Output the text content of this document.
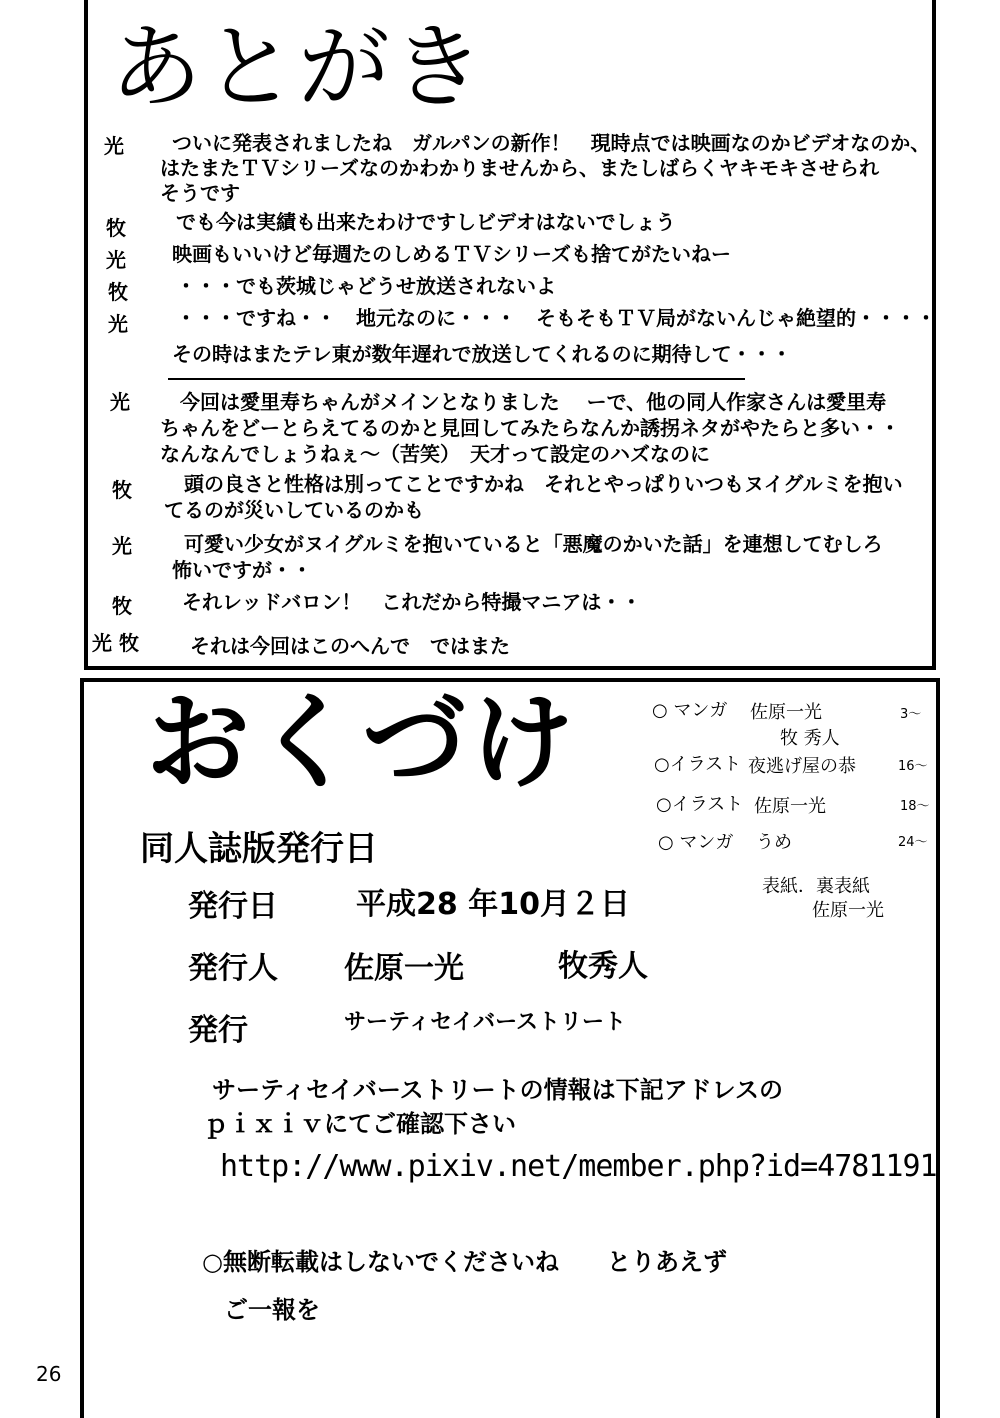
あとがき
光 ついに発表されましたね　ガルパンの新作！　現時点では映画なのかビデオなのか、
はたまたＴＶシリーズなのかわかりませんから、またしばらくヤキモキさせられ
そうです
牧	でも今は実績も出来たわけですしビデオはないでしょう
光 映画もいいけど毎週たのしめるＴＶシリーズも捨てがたいねー
牧 ・・・でも茨城じゃどうせ放送されないよ
光 ・・・ですね・・　地元なのに・・・　そもそもＴＶ局がないんじゃ絶望的・・・・
その時はまたテレ東が数年遅れで放送してくれるのに期待して・・・
光	今回は愛里寿ちゃんがメインとなりました　 ーで、他の同人作家さんは愛里寿
ちゃんをどーとらえてるのかと見回してみたらなんか誘拐ネタがやたらと多い・・
なんなんでしょうねぇ～（苦笑）　天才って設定のハズなのに
牧	頭の良さと性格は別ってことですかね　それとやっぱりいつもヌイグルミを抱い
てるのが災いしているのかも
光	可愛い少女がヌイグルミを抱いていると「悪魔のかいた話」を連想してむしろ
怖いですが・・
牧	それレッドバロン！　これだから特撮マニアは・・
光 牧	それは今回はこのへんで　ではまた
おくづけ	○ マンガ 佐原一光	3～
牧 秀人
○イラスト 夜逃げ屋の恭	16～
○イラスト 佐原一光	18～
○ マンガ うめ	24～
表紙．裏表紙
佐原一光
同人誌版発行日
発行日	平成28 年10月２日
発行人 佐原一光	牧秀人
発行	サーティセイバーストリート
サーティセイバーストリートの情報は下記アドレスの
ｐｉｘｉｖにてご確認下さい
http://www.pixiv.net/member.php?id=4781191
○無断転載はしないでくださいね　　とりあえず
ご一報を
26
